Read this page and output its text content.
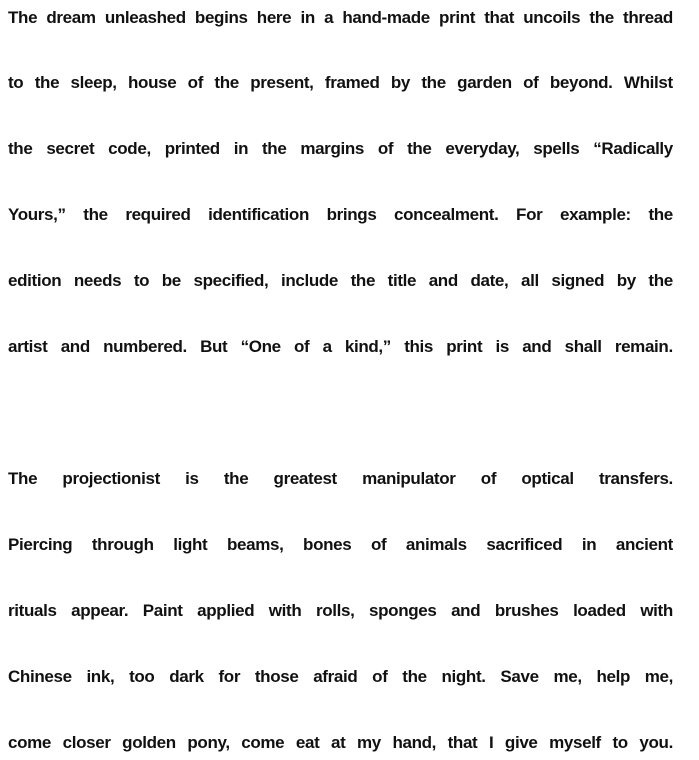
The dream unleashed begins here in a hand-made print that uncoils the thread
to the sleep, house of the present, framed by the garden of beyond. Whilst
the secret code, printed in the margins of the everyday, spells “Radically
Yours,” the required identification brings concealment. For example: the
edition needs to be specified, include the title and date, all signed by the
artist and numbered. But “One of a kind,” this print is and shall remain.
The projectionist is the greatest manipulator of optical transfers.
Piercing through light beams, bones of animals sacrificed in ancient
rituals appear. Paint applied with rolls, sponges and brushes loaded with
Chinese ink, too dark for those afraid of the night. Save me, help me,
come closer golden pony, come eat at my hand, that I give myself to you.
